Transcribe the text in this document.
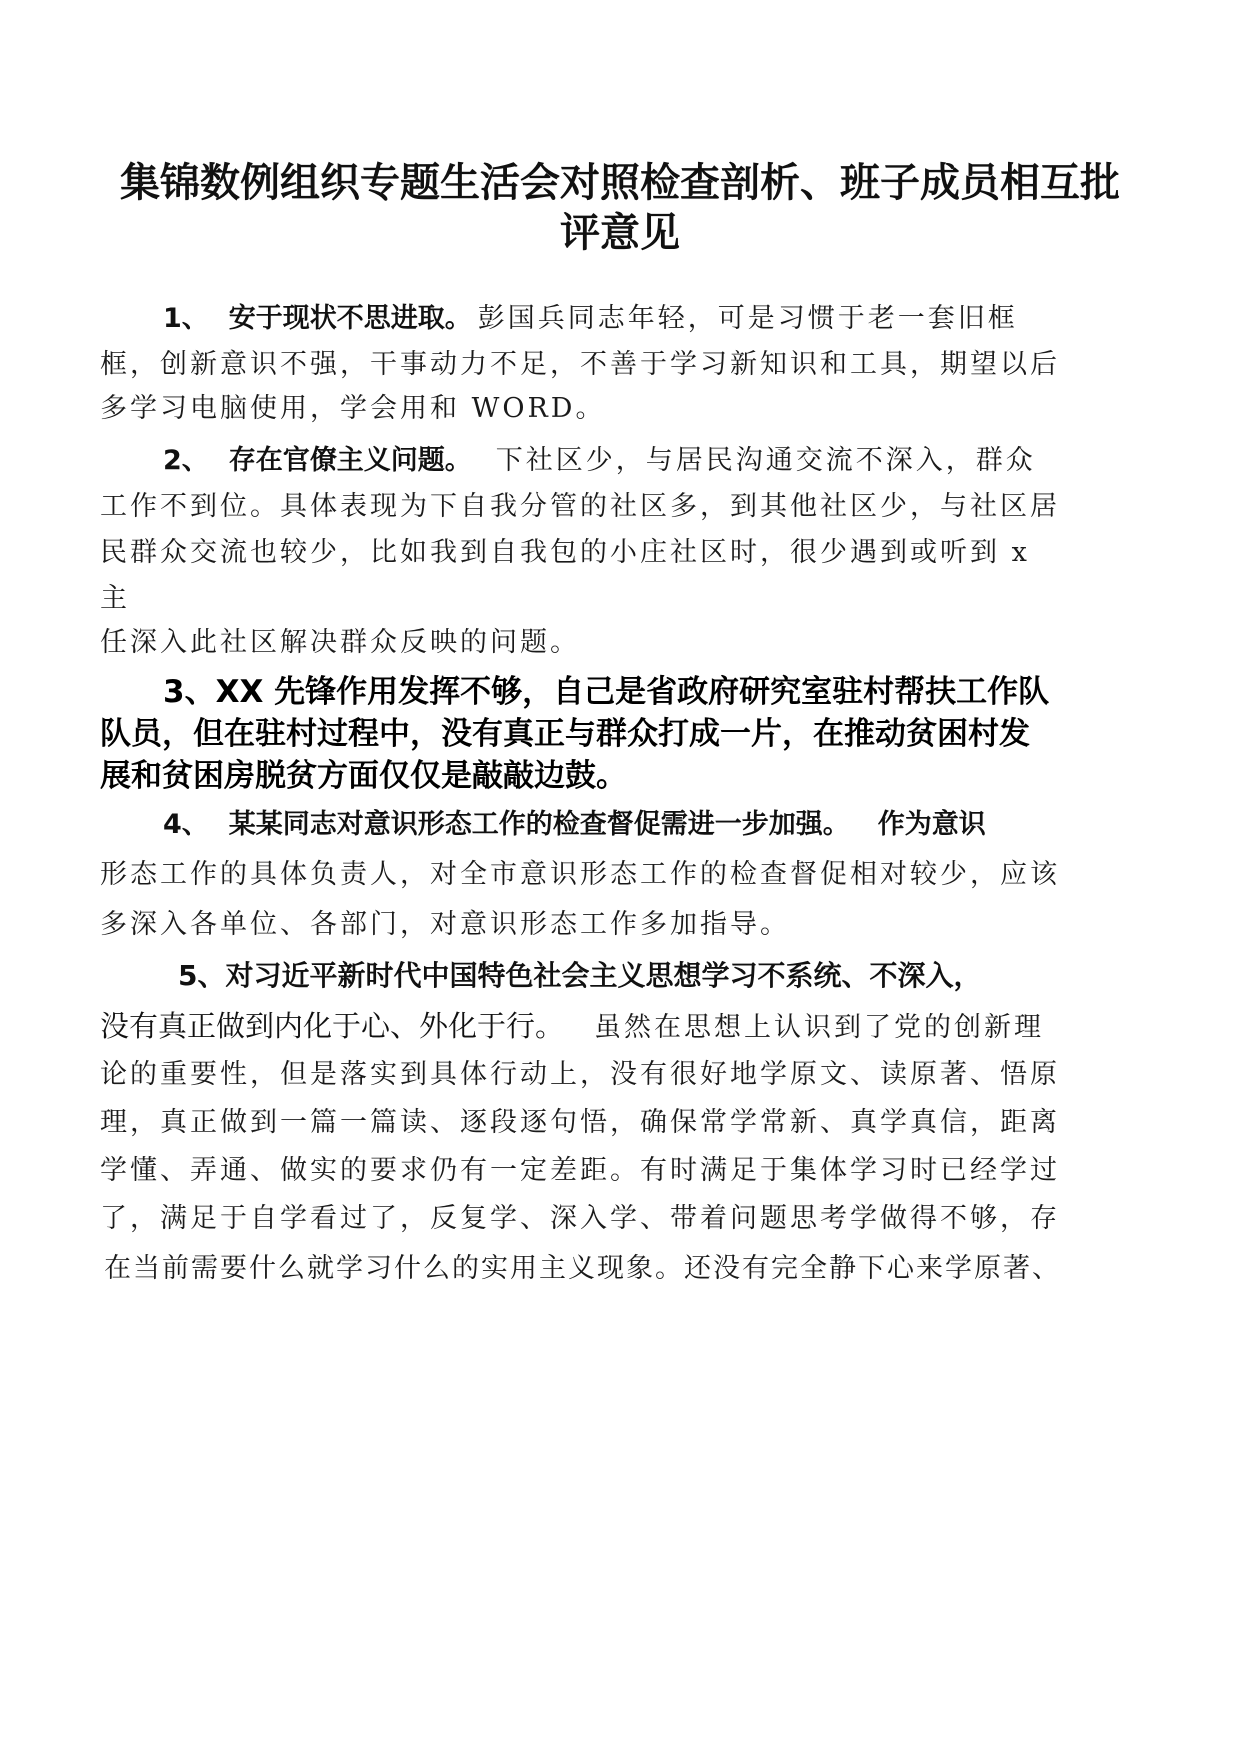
集锦数例组织专题生活会对照检查剖析、班子成员相互批评意见
1、 安于现状不思进取。 彭国兵同志年轻，可是习惯于老一套旧框
框，创新意识不强，干事动力不足，不善于学习新知识和工具，期望以后
多学习电脑使用，学会用和 WORD。
2、 存在官僚主义问题。 下社区少，与居民沟通交流不深入，群众
工作不到位。具体表现为下自我分管的社区多，到其他社区少，与社区居
民群众交流也较少，比如我到自我包的小庄社区时，很少遇到或听到 x
主
任深入此社区解决群众反映的问题。
3、XX 先锋作用发挥不够，自己是省政府研究室驻村帮扶工作队
队员，但在驻村过程中，没有真正与群众打成一片，在推动贫困村发
展和贫困房脱贫方面仅仅是敲敲边鼓。
4、 某某同志对意识形态工作的检查督促需进一步加强。 作为意识
形态工作的具体负责人，对全市意识形态工作的检查督促相对较少，应该
多深入各单位、各部门，对意识形态工作多加指导。
5、对习近平新时代中国特色社会主义思想学习不系统、不深入，
没有真正做到内化于心、外化于行。 虽然在思想上认识到了党的创新理
论的重要性，但是落实到具体行动上，没有很好地学原文、读原著、悟原
理，真正做到一篇一篇读、逐段逐句悟，确保常学常新、真学真信，距离
学懂、弄通、做实的要求仍有一定差距。有时满足于集体学习时已经学过
了，满足于自学看过了，反复学、深入学、带着问题思考学做得不够，存
在当前需要什么就学习什么的实用主义现象。还没有完全静下心来学原著、
